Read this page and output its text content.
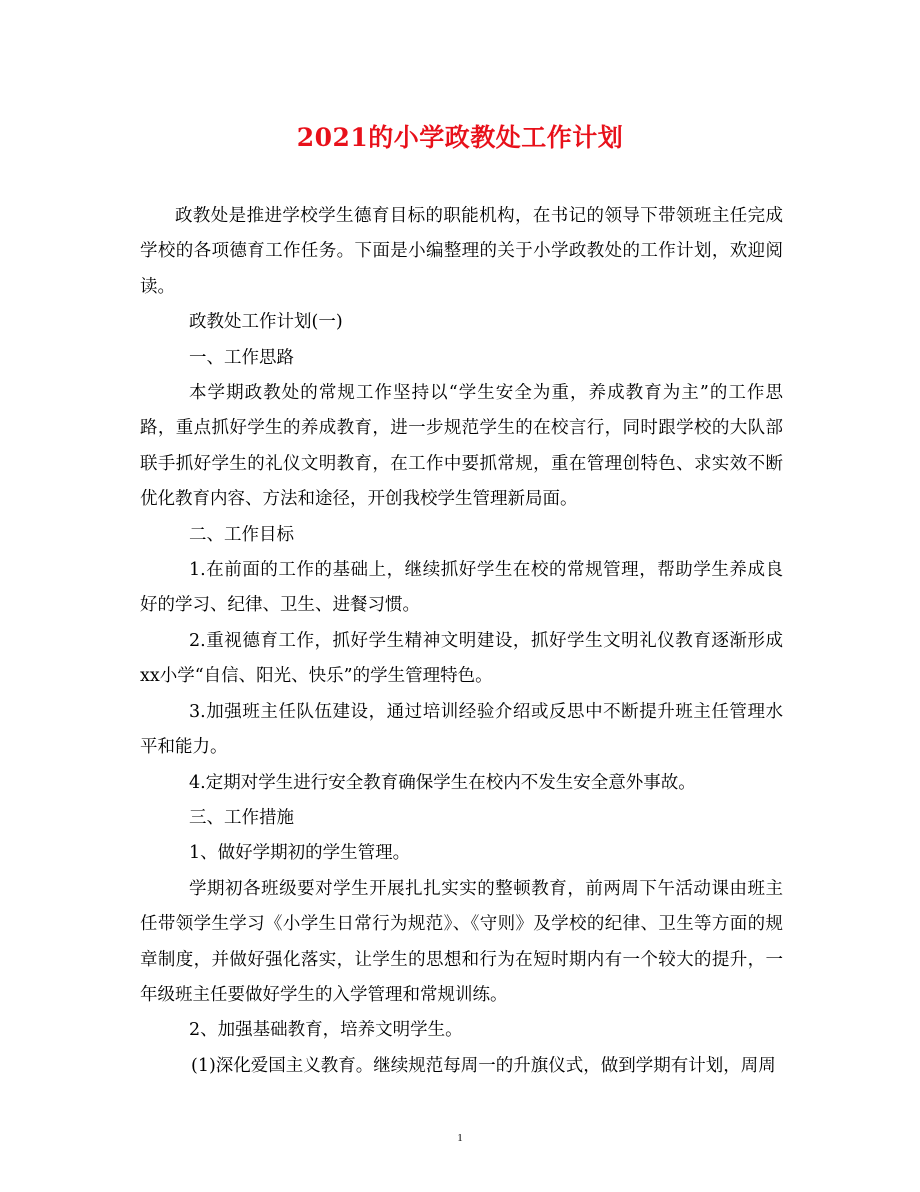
2021的小学政教处工作计划

政教处是推进学校学生德育目标的职能机构，在书记的领导下带领班主任完成学校的各项德育工作任务。下面是小编整理的关于小学政教处的工作计划，欢迎阅读。

政教处工作计划(一)

一、工作思路

本学期政教处的常规工作坚持以“学生安全为重，养成教育为主”的工作思路，重点抓好学生的养成教育，进一步规范学生的在校言行，同时跟学校的大队部联手抓好学生的礼仪文明教育，在工作中要抓常规，重在管理创特色、求实效不断优化教育内容、方法和途径，开创我校学生管理新局面。

二、工作目标

1.在前面的工作的基础上，继续抓好学生在校的常规管理，帮助学生养成良好的学习、纪律、卫生、进餐习惯。

2.重视德育工作，抓好学生精神文明建设，抓好学生文明礼仪教育逐渐形成xx小学“自信、阳光、快乐”的学生管理特色。

3.加强班主任队伍建设，通过培训经验介绍或反思中不断提升班主任管理水平和能力。

4.定期对学生进行安全教育确保学生在校内不发生安全意外事故。

三、工作措施

1、做好学期初的学生管理。

学期初各班级要对学生开展扎扎实实的整顿教育，前两周下午活动课由班主任带领学生学习《小学生日常行为规范》、《守则》及学校的纪律、卫生等方面的规章制度，并做好强化落实，让学生的思想和行为在短时期内有一个较大的提升，一年级班主任要做好学生的入学管理和常规训练。

2、加强基础教育，培养文明学生。

(1)深化爱国主义教育。继续规范每周一的升旗仪式，做到学期有计划，周周

1
